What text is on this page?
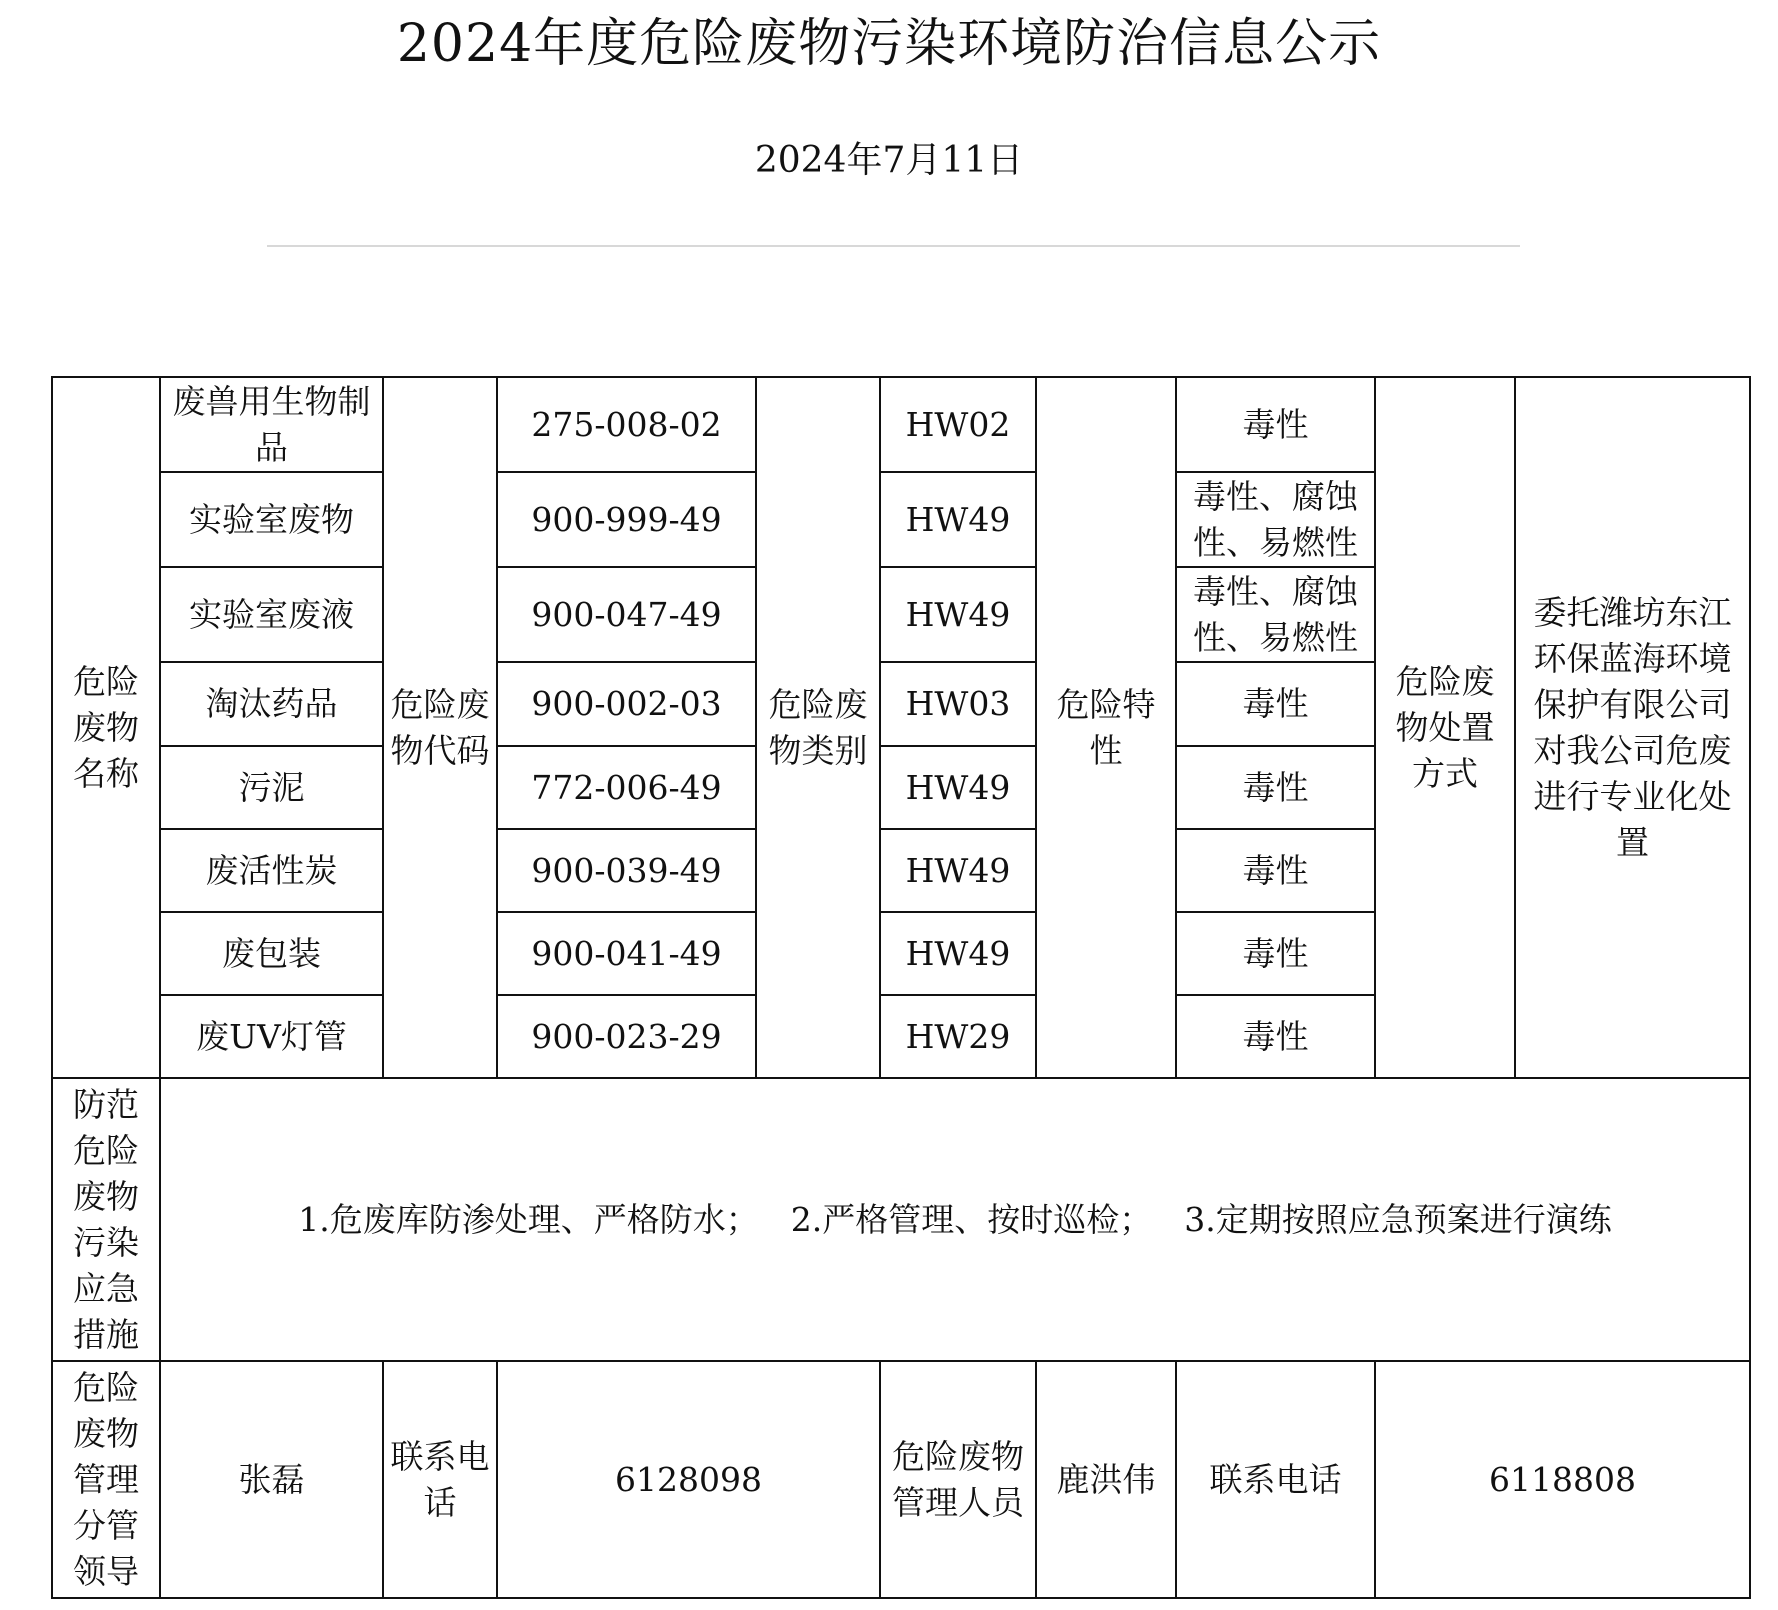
2024年度危险废物污染环境防治信息公示
2024年7月11日
危险废物名称	废兽用生物制品	危险废物代码	275-008-02	危险废物类别	HW02	危险特性	毒性	危险废物处置方式	委托潍坊东江环保蓝海环境保护有限公司对我公司危废进行专业化处置
	实验室废物		900-999-49		HW49		毒性、腐蚀性、易燃性		
	实验室废液		900-047-49		HW49		毒性、腐蚀性、易燃性		
	淘汰药品		900-002-03		HW03		毒性		
	污泥		772-006-49		HW49		毒性		
	废活性炭		900-039-49		HW49		毒性		
	废包装		900-041-49		HW49		毒性		
	废UV灯管		900-023-29		HW29		毒性		
防范危险废物污染应急措施	1.危废库防渗处理、严格防水； 2.严格管理、按时巡检； 3.定期按照应急预案进行演练								
危险废物管理分管领导	张磊	联系电话	6128098		危险废物管理人员	鹿洪伟	联系电话	6118808	
